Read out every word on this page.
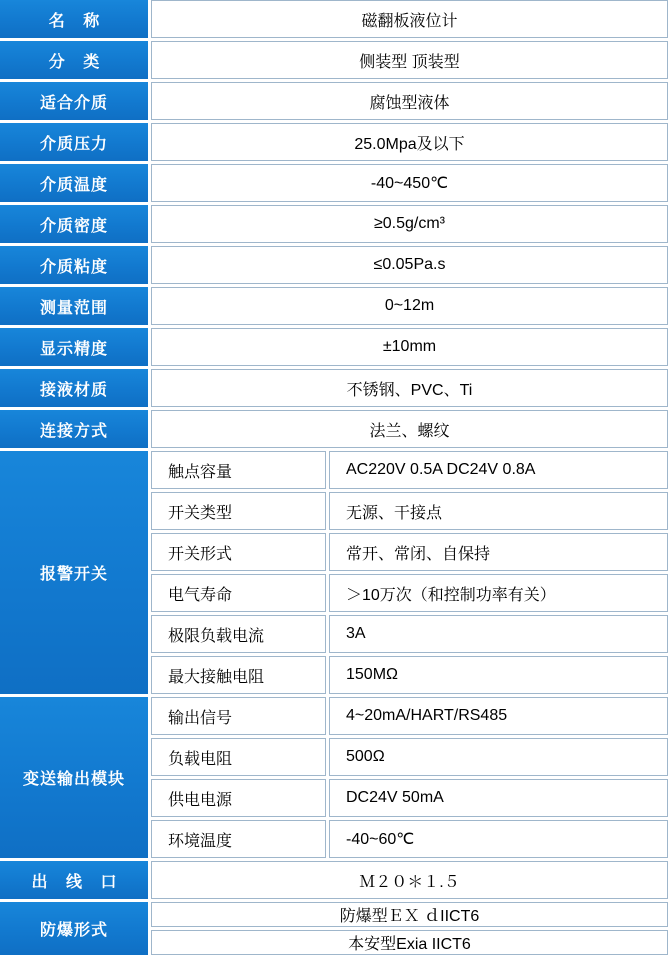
名 称	磁翻板液位计
分 类	侧装型 顶装型
适合介质	腐蚀型液体
介质压力	25.0Mpa及以下
介质温度	-40~450℃
介质密度	≥0.5g/cm³
介质粘度	≤0.05Pa.s
测量范围	0~12m
显示精度	±10mm
接液材质	不锈钢、PVC、Ti
连接方式	法兰、螺纹
报警开关
触点容量	AC220V 0.5A DC24V 0.8A
开关类型	无源、干接点
开关形式	常开、常闭、自保持
电气寿命	＞10万次（和控制功率有关）
极限负载电流	3A
最大接触电阻	150MΩ
变送输出模块
输出信号	4~20mA/HART/RS485
负载电阻	500Ω
供电电源	DC24V 50mA
环境温度	-40~60℃
出 线 口	Ｍ２０＊１.５
防爆形式
防爆型ＥＸ ｄIICT6
本安型Exia IICT6
